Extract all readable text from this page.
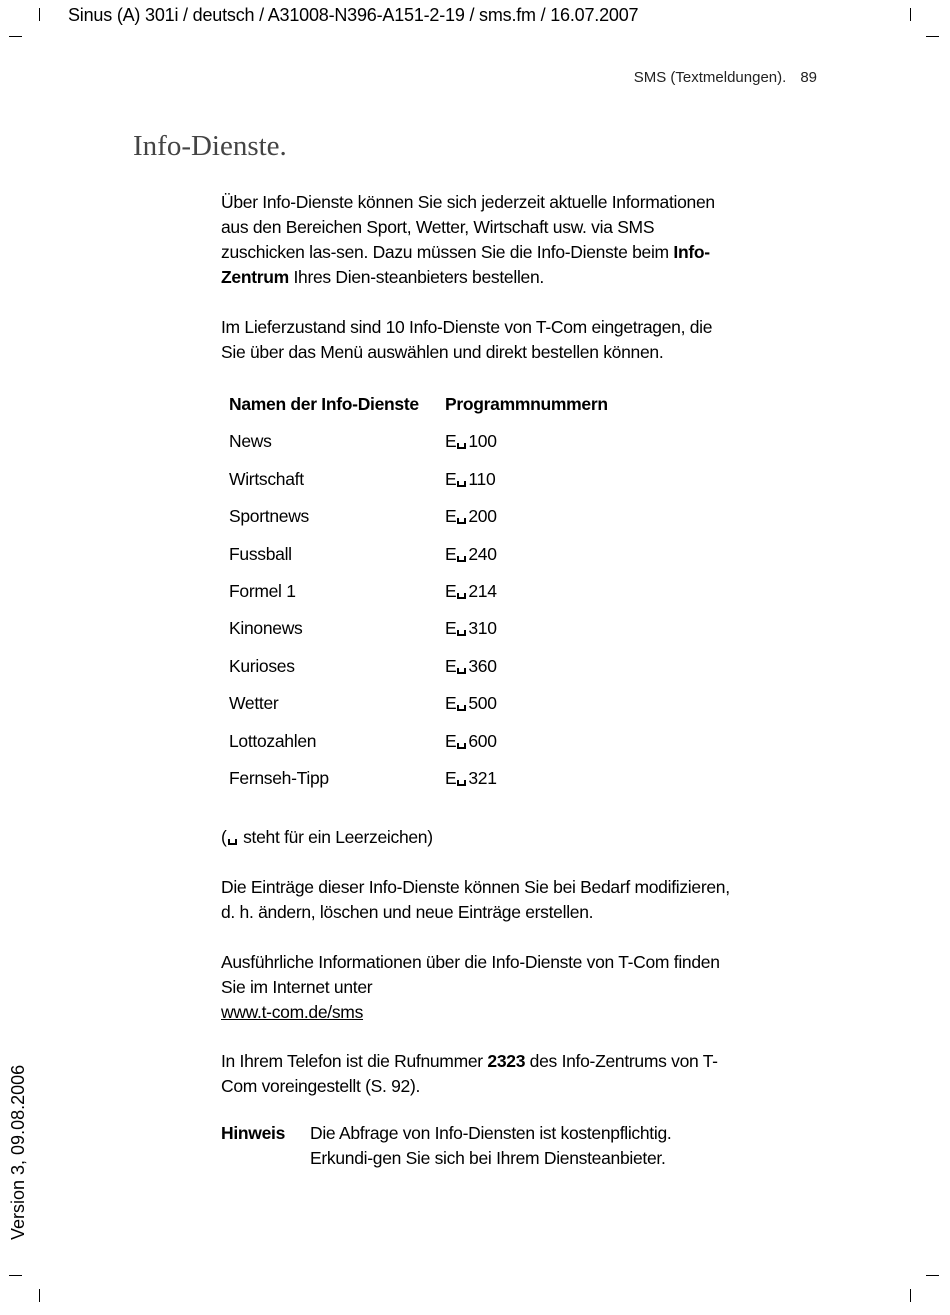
Sinus (A) 301i / deutsch / A31008-N396-A151-2-19 / sms.fm / 16.07.2007
SMS (Textmeldungen). 89
Info-Dienste.
Über Info-Dienste können Sie sich jederzeit aktuelle Informationen aus den Bereichen Sport, Wetter, Wirtschaft usw. via SMS zuschicken las-sen. Dazu müssen Sie die Info-Dienste beim Info-Zentrum Ihres Dien-steanbieters bestellen.
Im Lieferzustand sind 10 Info-Dienste von T-Com eingetragen, die Sie über das Menü auswählen und direkt bestellen können.
Namen der Info-Dienste	Programmnummern
News	E 100
Wirtschaft	E 110
Sportnews	E 200
Fussball	E 240
Formel 1	E 214
Kinonews	E 310
Kurioses	E 360
Wetter	E 500
Lottozahlen	E 600
Fernseh-Tipp	E 321
( steht für ein Leerzeichen)
Die Einträge dieser Info-Dienste können Sie bei Bedarf modifizieren, d. h. ändern, löschen und neue Einträge erstellen.
Ausführliche Informationen über die Info-Dienste von T-Com finden Sie im Internet unter
www.t-com.de/sms
In Ihrem Telefon ist die Rufnummer 2323 des Info-Zentrums von T-Com voreingestellt (S. 92).
Hinweis	Die Abfrage von Info-Diensten ist kostenpflichtig. Erkundi-gen Sie sich bei Ihrem Diensteanbieter.
Version 3, 09.08.2006
